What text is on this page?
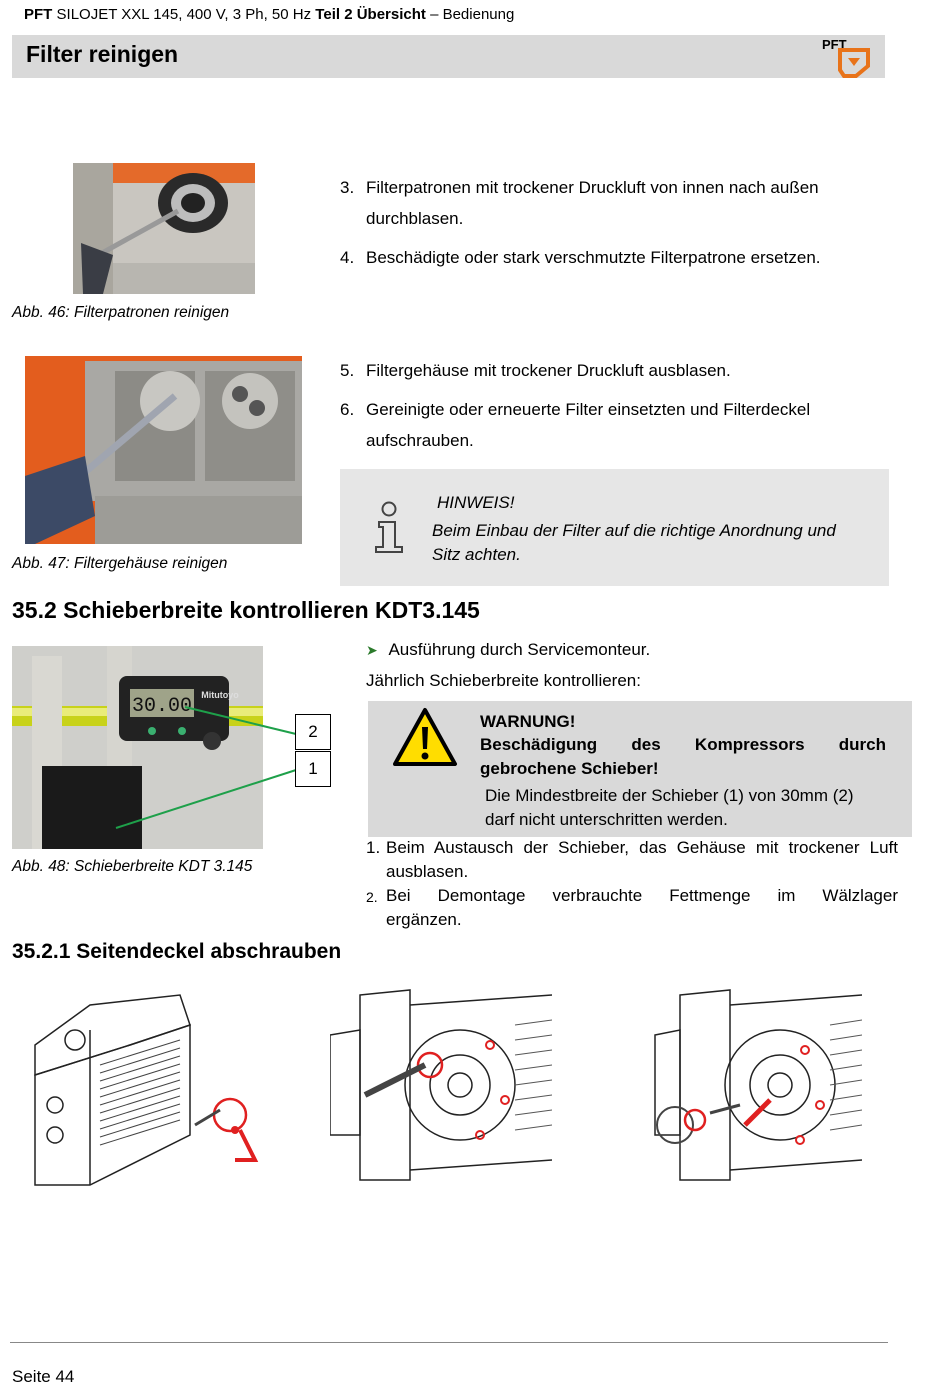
PFT SILOJET XXL 145, 400 V, 3 Ph, 50 Hz Teil 2 Übersicht – Bedienung
Filter reinigen	PFT
3. Filterpatronen mit trockener Druckluft von innen nach außen
durchblasen.
4. Beschädigte oder stark verschmutzte Filterpatrone ersetzen.
Abb. 46: Filterpatronen reinigen
5. Filtergehäuse mit trockener Druckluft ausblasen.
6. Gereinigte oder erneuerte Filter einsetzten und Filterdeckel
aufschrauben.
Abb. 47: Filtergehäuse reinigen
HINWEIS!
Beim Einbau der Filter auf die richtige Anordnung und
Sitz achten.
35.2 Schieberbreite kontrollieren KDT3.145
30.00 Mitutoyo
2
1
Abb. 48: Schieberbreite KDT 3.145
➤ Ausführung durch Servicemonteur.
Jährlich Schieberbreite kontrollieren:
WARNUNG!
Beschädigung des Kompressors durch
gebrochene Schieber!
Die Mindestbreite der Schieber (1) von 30mm (2)
darf nicht unterschritten werden.
1. Beim Austausch der Schieber, das Gehäuse mit trockener Luft
ausblasen.
2. Bei Demontage verbrauchte Fettmenge im Wälzlager
ergänzen.
35.2.1 Seitendeckel abschrauben
Seite 44
